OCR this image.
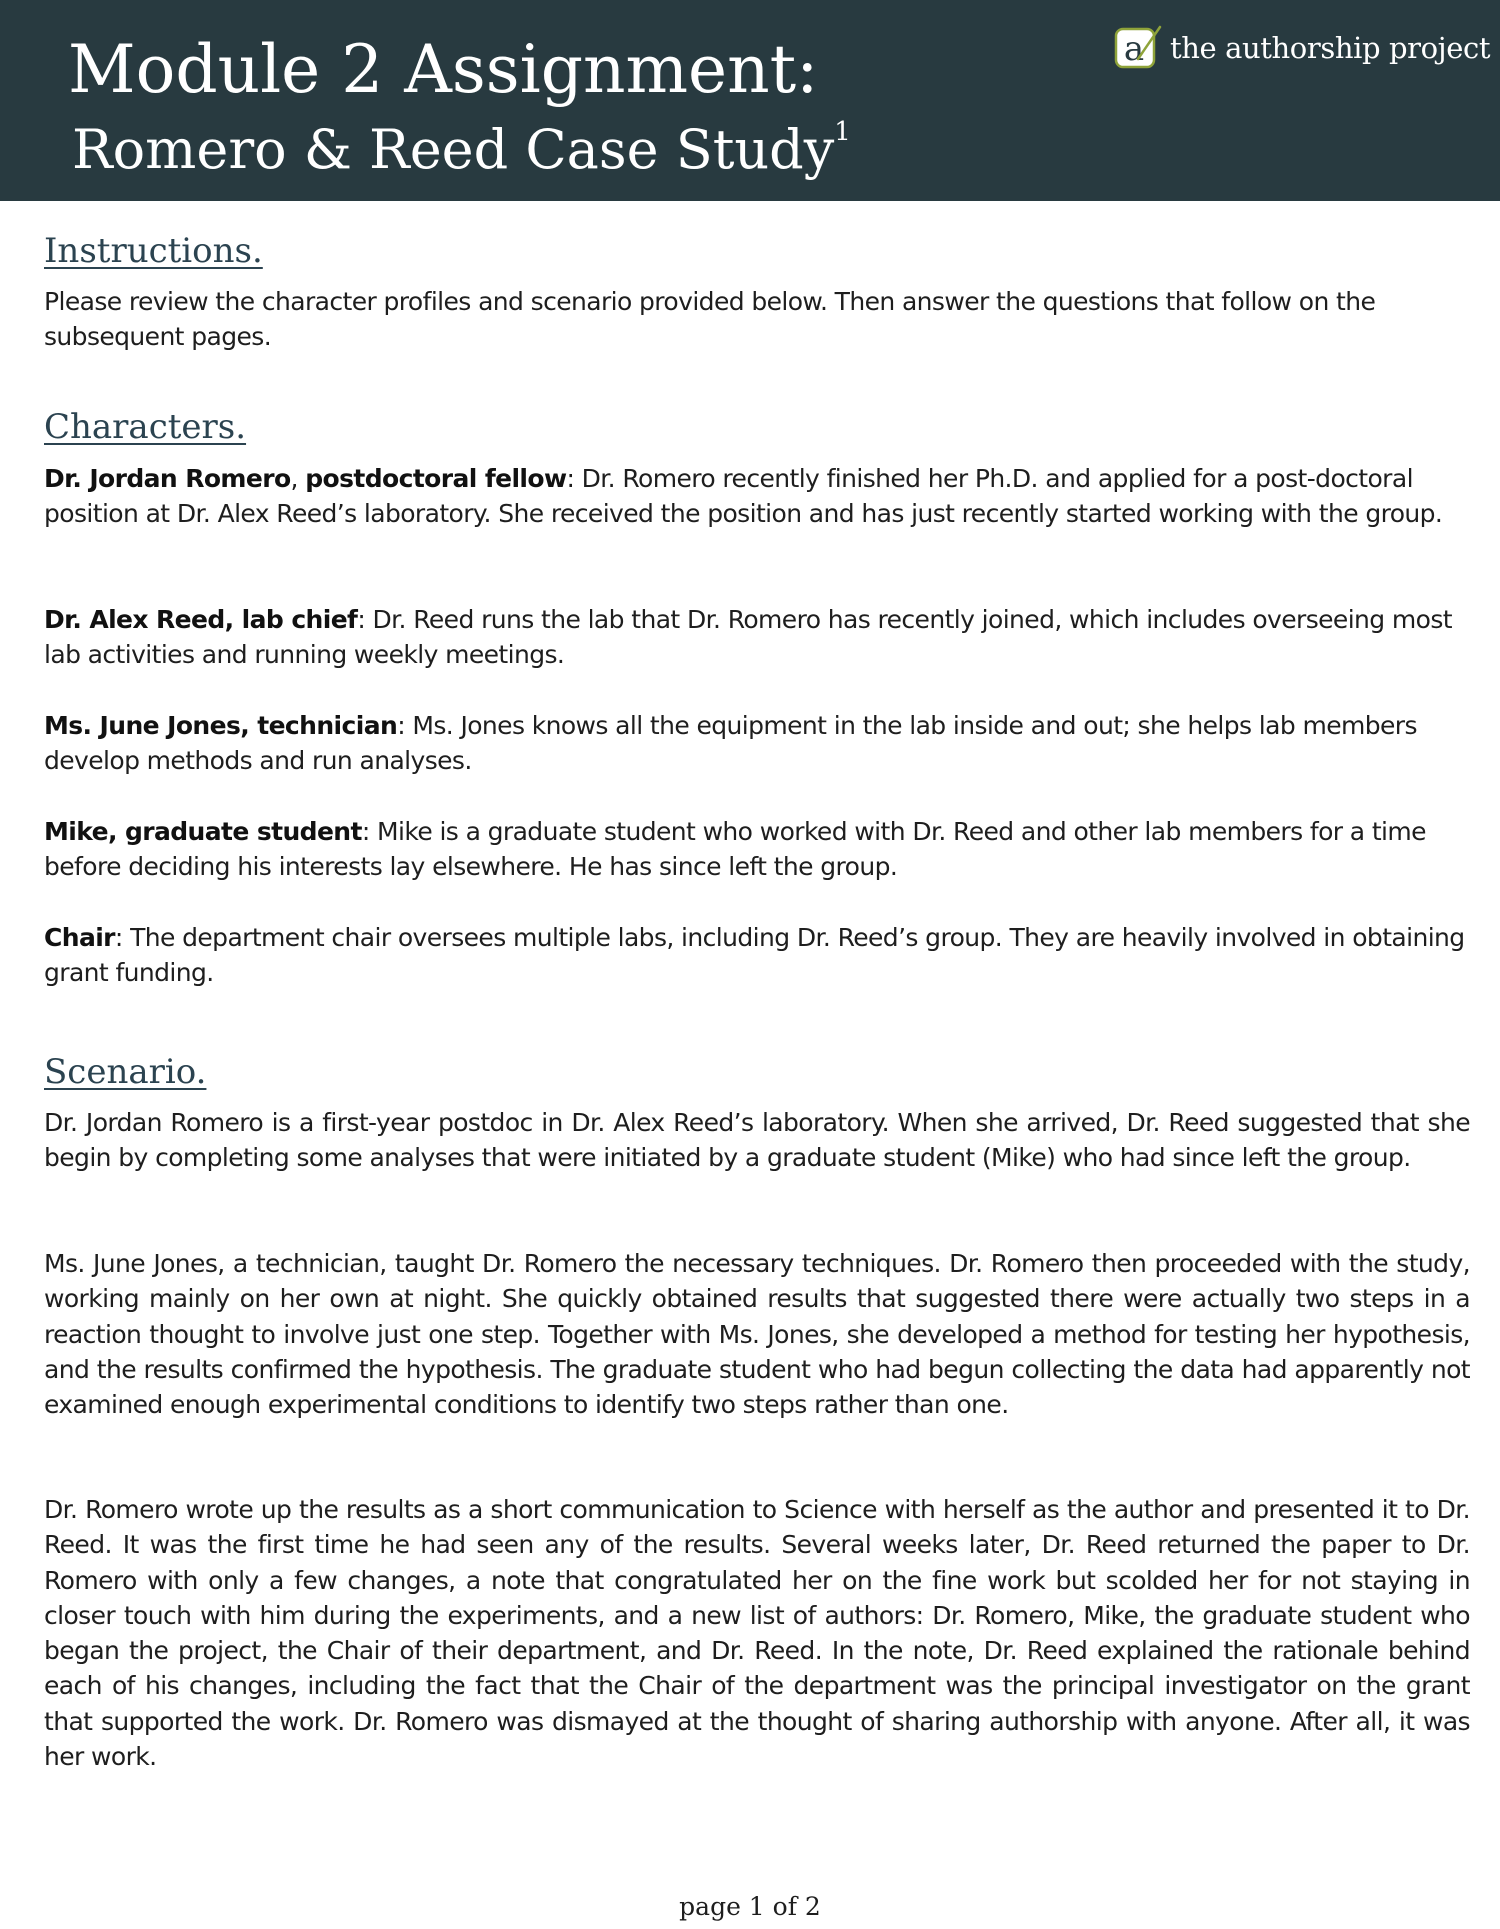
Module 2 Assignment:
Romero & Reed Case Study$^1$
a the authorship project
Instructions.

Please review the character profiles and scenario provided below. Then answer the questions that follow on the subsequent pages.

Characters.

Dr. Jordan Romero, postdoctoral fellow: Dr. Romero recently finished her Ph.D. and applied for a post-doctoral position at Dr. Alex Reed’s laboratory. She received the position and has just recently started working with the group.

Dr. Alex Reed, lab chief: Dr. Reed runs the lab that Dr. Romero has recently joined, which includes overseeing most lab activities and running weekly meetings.

Ms. June Jones, technician: Ms. Jones knows all the equipment in the lab inside and out; she helps lab members develop methods and run analyses.

Mike, graduate student: Mike is a graduate student who worked with Dr. Reed and other lab members for a time before deciding his interests lay elsewhere. He has since left the group.

Chair: The department chair oversees multiple labs, including Dr. Reed’s group. They are heavily involved in obtaining grant funding.

Scenario.

Dr. Jordan Romero is a first-year postdoc in Dr. Alex Reed’s laboratory. When she arrived, Dr. Reed suggested that she begin by completing some analyses that were initiated by a graduate student (Mike) who had since left the group.

Ms. June Jones, a technician, taught Dr. Romero the necessary techniques. Dr. Romero then proceeded with the study, working mainly on her own at night. She quickly obtained results that suggested there were actually two steps in a reaction thought to involve just one step. Together with Ms. Jones, she developed a method for testing her hypothesis, and the results confirmed the hypothesis. The graduate student who had begun collecting the data had apparently not examined enough experimental conditions to identify two steps rather than one.

Dr. Romero wrote up the results as a short communication to Science with herself as the author and presented it to Dr. Reed. It was the first time he had seen any of the results. Several weeks later, Dr. Reed returned the paper to Dr. Romero with only a few changes, a note that congratulated her on the fine work but scolded her for not staying in closer touch with him during the experiments, and a new list of authors: Dr. Romero, Mike, the graduate student who began the project, the Chair of their department, and Dr. Reed. In the note, Dr. Reed explained the rationale behind each of his changes, including the fact that the Chair of the department was the principal investigator on the grant that supported the work. Dr. Romero was dismayed at the thought of sharing authorship with anyone. After all, it was her work.

page 1 of 2
